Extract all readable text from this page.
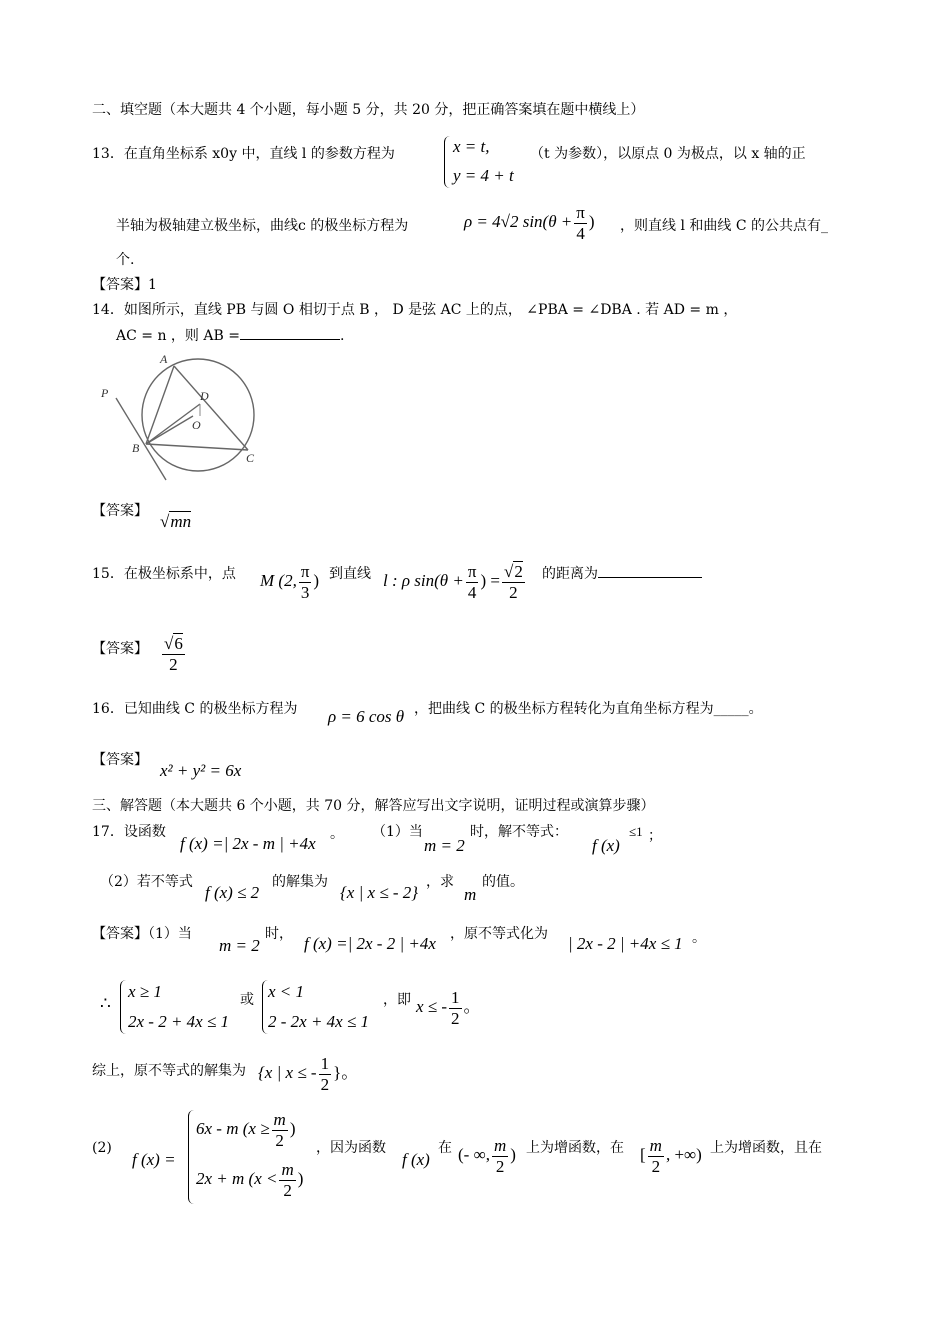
二、填空题（本大题共 4 个小题，每小题 5 分，共 20 分，把正确答案填在题中横线上）
13．在直角坐标系 x0y 中，直线 l 的参数方程为	x = t,
y = 4 + t
（t 为参数），以原点 0 为极点，以 x 轴的正
半轴为极轴建立极坐标，曲线c 的极坐标方程为	ρ = 4√2 $\sin(\theta + \frac{\pi}{4}$ ) ，则直线 l 和曲线 C 的公共点有_
个.
【答案】1
14．如图所示，直线 PB 与圆 O 相切于点 B ， D 是弦 AC 上的点， ∠PBA = ∠DBA . 若 AD = m ，
AC = n ，则 AB =	.
A
P	D
O
B
C
【答案】
√mn
15．在极坐标系中，点 M (2, $\frac{\pi}{3}$ ) 到直线 l : ρ $\sin(\theta + \frac{\pi}{4}$ ) = $\frac{√2}{2}$ 的距离为
【答案】 $\frac{√6}{2}$
16．已知曲线 C 的极坐标方程为 ρ = 6 cos θ ，把曲线 C 的极坐标方程转化为直角坐标方程为_____。
【答案】
x² + y² = 6x
三、解答题（本大题共 6 个小题，共 70 分，解答应写出文字说明，证明过程或演算步骤）
17．设函数
f (x) =| 2x - m | +4x 。 （1）当
m = 2
时，解不等式：
f (x)
≤1 ；
（2）若不等式
f (x) ≤ 2
的解集为
{x | x ≤ - 2}
，求
m
的值。
【答案】（1）当
m = 2
时， f (x) =| 2x - 2 | +4x ，原不等式化为 | 2x - 2 | +4x ≤ 1 。
∴
x ≥ 1
2x - 2 + 4x ≤ 1
或 x < 1
2 - 2x + 4x ≤ 1
，即 x ≤ - $\frac{1}{2}$ 。
综上，原不等式的解集为 {x | x ≤ - $\frac{1}{2}$ }。
(2)
f (x) =
6x - m ($x \ge \frac{m}{2}$ )
2x + m ($x < \frac{m}{2}$ )
，因为函数
f (x)
在 (- ∞, $\frac{m}{2}$ ) 上为增函数，在 [ $\frac{m}{2}$ , +∞) 上为增函数，且在
